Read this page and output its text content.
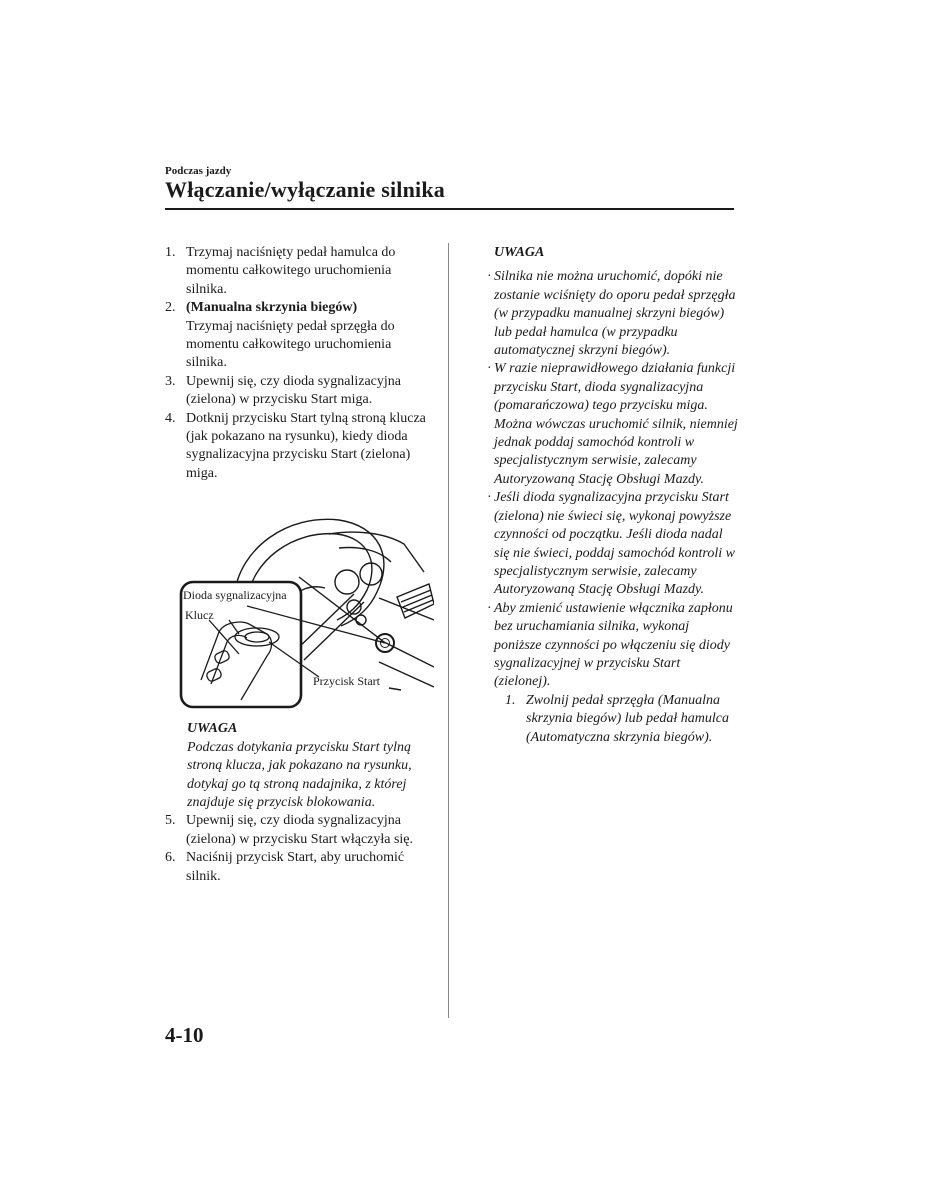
Podczas jazdy
Włączanie/wyłączanie silnika
1. Trzymaj naciśnięty pedał hamulca do momentu całkowitego uruchomienia silnika.
2. (Manualna skrzynia biegów)
Trzymaj naciśnięty pedał sprzęgła do momentu całkowitego uruchomienia silnika.
3. Upewnij się, czy dioda sygnalizacyjna (zielona) w przycisku Start miga.
4. Dotknij przycisku Start tylną stroną klucza (jak pokazano na rysunku), kiedy dioda sygnalizacyjna przycisku Start (zielona) miga.
Dioda sygnalizacyjna
Klucz
Przycisk Start
UWAGA
Podczas dotykania przycisku Start tylną stroną klucza, jak pokazano na rysunku, dotykaj go tą stroną nadajnika, z której znajduje się przycisk blokowania.
5. Upewnij się, czy dioda sygnalizacyjna (zielona) w przycisku Start włączyła się.
6. Naciśnij przycisk Start, aby uruchomić silnik.
UWAGA
· Silnika nie można uruchomić, dopóki nie zostanie wciśnięty do oporu pedał sprzęgła (w przypadku manualnej skrzyni biegów) lub pedał hamulca (w przypadku automatycznej skrzyni biegów).
· W razie nieprawidłowego działania funkcji przycisku Start, dioda sygnalizacyjna (pomarańczowa) tego przycisku miga. Można wówczas uruchomić silnik, niemniej jednak poddaj samochód kontroli w specjalistycznym serwisie, zalecamy Autoryzowaną Stację Obsługi Mazdy.
· Jeśli dioda sygnalizacyjna przycisku Start (zielona) nie świeci się, wykonaj powyższe czynności od początku. Jeśli dioda nadal się nie świeci, poddaj samochód kontroli w specjalistycznym serwisie, zalecamy Autoryzowaną Stację Obsługi Mazdy.
· Aby zmienić ustawienie włącznika zapłonu bez uruchamiania silnika, wykonaj poniższe czynności po włączeniu się diody sygnalizacyjnej w przycisku Start (zielonej).
1. Zwolnij pedał sprzęgła (Manualna skrzynia biegów) lub pedał hamulca (Automatyczna skrzynia biegów).
4-10
